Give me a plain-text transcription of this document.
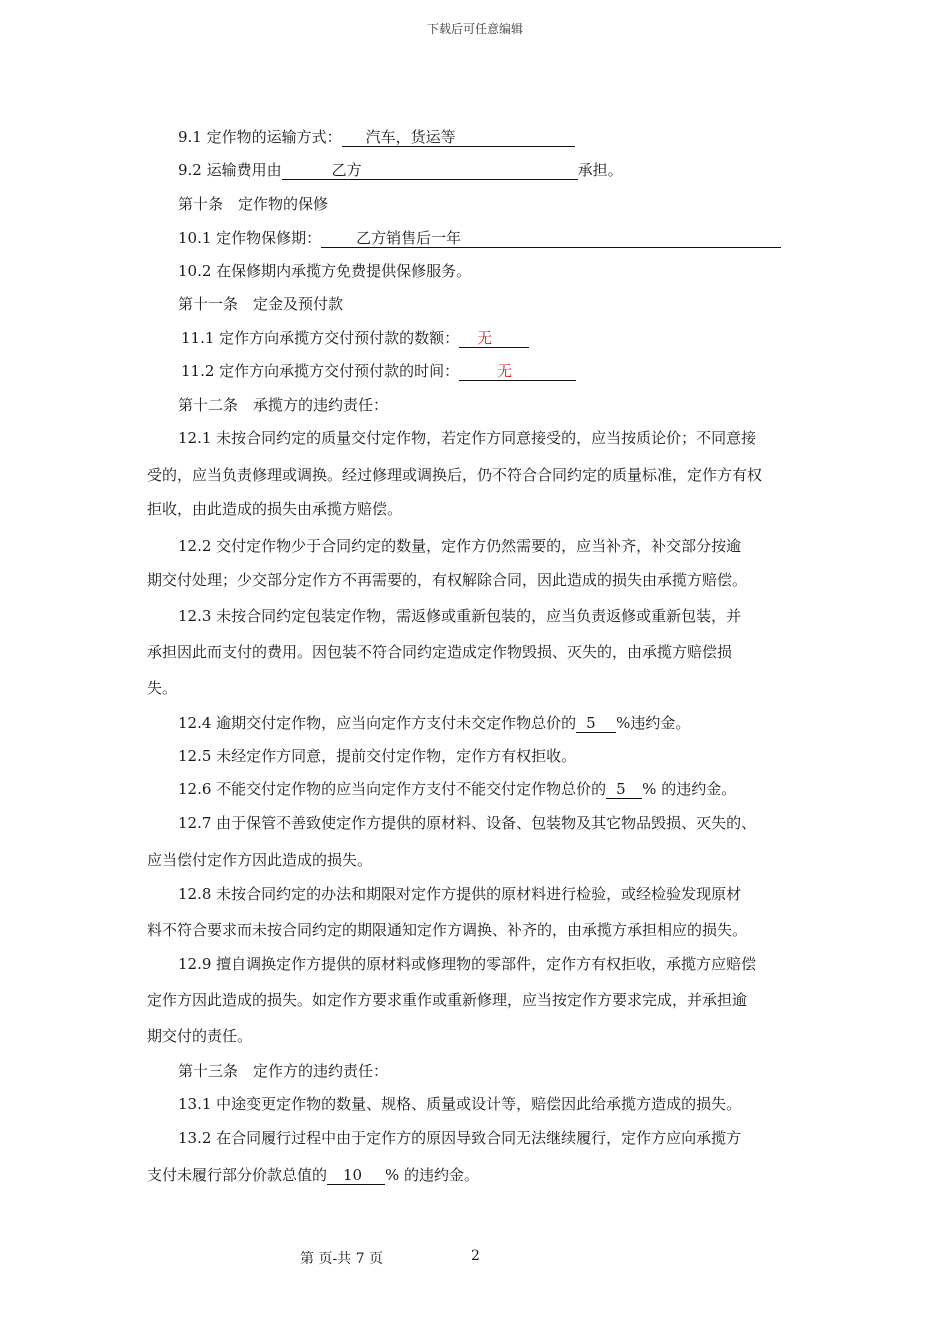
下载后可任意编辑
9.1 定作物的运输方式： 汽车，货运等
9.2 运输费用由	乙方	承担。
第十条　定作物的保修
10.1 定作物保修期： 乙方销售后一年
10.2 在保修期内承揽方免费提供保修服务。
第十一条　定金及预付款
11.1 定作方向承揽方交付预付款的数额： 无
11.2 定作方向承揽方交付预付款的时间：	无
第十二条　承揽方的违约责任：
12.1 未按合同约定的质量交付定作物，若定作方同意接受的，应当按质论价；不同意接
受的，应当负责修理或调换。经过修理或调换后，仍不符合合同约定的质量标准，定作方有权
拒收，由此造成的损失由承揽方赔偿。
12.2 交付定作物少于合同约定的数量，定作方仍然需要的，应当补齐，补交部分按逾
期交付处理；少交部分定作方不再需要的，有权解除合同，因此造成的损失由承揽方赔偿。
12.3 未按合同约定包装定作物，需返修或重新包装的，应当负责返修或重新包装，并
承担因此而支付的费用。因包装不符合同约定造成定作物毁损、灭失的，由承揽方赔偿损
失。
12.4 逾期交付定作物，应当向定作方支付未交定作物总价的 5 %违约金。
12.5 未经定作方同意，提前交付定作物，定作方有权拒收。
12.6 不能交付定作物的应当向定作方支付不能交付定作物总价的 5 % 的违约金。
12.7 由于保管不善致使定作方提供的原材料、设备、包装物及其它物品毁损、灭失的、
应当偿付定作方因此造成的损失。
12.8 未按合同约定的办法和期限对定作方提供的原材料进行检验，或经检验发现原材
料不符合要求而未按合同约定的期限通知定作方调换、补齐的，由承揽方承担相应的损失。
12.9 擅自调换定作方提供的原材料或修理物的零部件，定作方有权拒收，承揽方应赔偿
定作方因此造成的损失。如定作方要求重作或重新修理，应当按定作方要求完成，并承担逾
期交付的责任。
第十三条　定作方的违约责任：
13.1 中途变更定作物的数量、规格、质量或设计等，赔偿因此给承揽方造成的损失。
13.2 在合同履行过程中由于定作方的原因导致合同无法继续履行，定作方应向承揽方
支付未履行部分价款总值的 10 % 的违约金。
第 页-共 7 页	2
